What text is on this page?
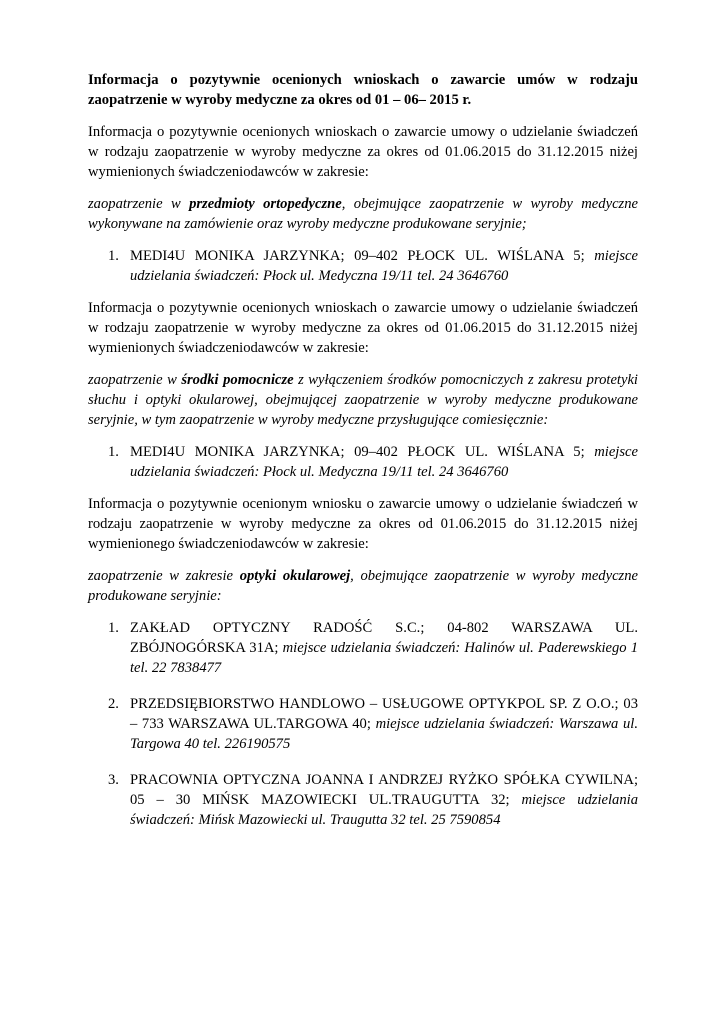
Informacja o pozytywnie ocenionych wnioskach o zawarcie umów w rodzaju zaopatrzenie w wyroby medyczne za okres od 01 – 06– 2015 r.

Informacja o pozytywnie ocenionych wnioskach o zawarcie umowy o udzielanie świadczeń w rodzaju zaopatrzenie w wyroby medyczne za okres od 01.06.2015 do 31.12.2015 niżej wymienionych świadczeniodawców w zakresie:

zaopatrzenie w przedmioty ortopedyczne, obejmujące zaopatrzenie w wyroby medyczne wykonywane na zamówienie oraz wyroby medyczne produkowane seryjnie;

1. MEDI4U MONIKA JARZYNKA; 09–402 PŁOCK UL. WIŚLANA 5; miejsce udzielania świadczeń: Płock ul. Medyczna 19/11 tel. 24 3646760

Informacja o pozytywnie ocenionych wnioskach o zawarcie umowy o udzielanie świadczeń w rodzaju zaopatrzenie w wyroby medyczne za okres od 01.06.2015 do 31.12.2015 niżej wymienionych świadczeniodawców w zakresie:

zaopatrzenie w środki pomocnicze z wyłączeniem środków pomocniczych z zakresu protetyki słuchu i optyki okularowej, obejmującej zaopatrzenie w wyroby medyczne produkowane seryjnie, w tym zaopatrzenie w wyroby medyczne przysługujące comiesięcznie:

1. MEDI4U MONIKA JARZYNKA; 09–402 PŁOCK UL. WIŚLANA 5; miejsce udzielania świadczeń: Płock ul. Medyczna 19/11 tel. 24 3646760

Informacja o pozytywnie ocenionym wniosku o zawarcie umowy o udzielanie świadczeń w rodzaju zaopatrzenie w wyroby medyczne za okres od 01.06.2015 do 31.12.2015 niżej wymienionego świadczeniodawców w zakresie:

zaopatrzenie w zakresie optyki okularowej, obejmujące zaopatrzenie w wyroby medyczne produkowane seryjnie:

1. ZAKŁAD OPTYCZNY RADOŚĆ S.C.; 04-802 WARSZAWA UL. ZBÓJNOGÓRSKA 31A; miejsce udzielania świadczeń: Halinów ul. Paderewskiego 1 tel. 22 7838477
2. PRZEDSIĘBIORSTWO HANDLOWO – USŁUGOWE OPTYKPOL SP. Z O.O.; 03 – 733 WARSZAWA UL.TARGOWA 40; miejsce udzielania świadczeń: Warszawa ul. Targowa 40 tel. 226190575
3. PRACOWNIA OPTYCZNA JOANNA I ANDRZEJ RYŻKO SPÓŁKA CYWILNA; 05 – 30 MIŃSK MAZOWIECKI UL.TRAUGUTTA 32; miejsce udzielania świadczeń: Mińsk Mazowiecki ul. Traugutta 32 tel. 25 7590854
